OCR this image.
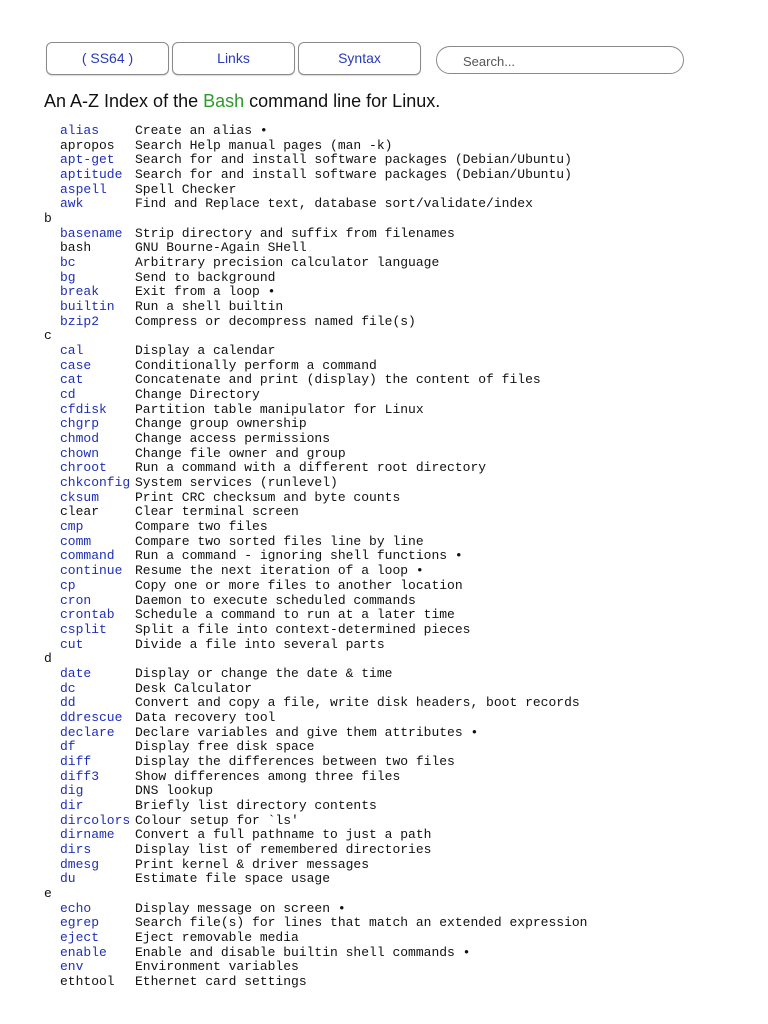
( SS64 )	Links	Syntax
Search...
An A-Z Index of the Bash command line for Linux.
alias	Create an alias •
apropos Search Help manual pages (man -k)
apt-get Search for and install software packages (Debian/Ubuntu)
aptitude Search for and install software packages (Debian/Ubuntu)
aspell Spell Checker
awk	Find and Replace text, database sort/validate/index
b
basename Strip directory and suffix from filenames
bash	GNU Bourne-Again SHell
bc	Arbitrary precision calculator language
bg	Send to background
break	Exit from a loop •
builtin Run a shell builtin
bzip2	Compress or decompress named file(s)
c
cal	Display a calendar
case	Conditionally perform a command
cat	Concatenate and print (display) the content of files
cd	Change Directory
cfdisk Partition table manipulator for Linux
chgrp	Change group ownership
chmod	Change access permissions
chown	Change file owner and group
chroot Run a command with a different root directory
chkconfig System services (runlevel)
cksum	Print CRC checksum and byte counts
clear	Clear terminal screen
cmp	Compare two files
comm	Compare two sorted files line by line
command Run a command - ignoring shell functions •
continue Resume the next iteration of a loop •
cp	Copy one or more files to another location
cron	Daemon to execute scheduled commands
crontab Schedule a command to run at a later time
csplit Split a file into context-determined pieces
cut	Divide a file into several parts
d
date	Display or change the date & time
dc	Desk Calculator
dd	Convert and copy a file, write disk headers, boot records
ddrescue Data recovery tool
declare Declare variables and give them attributes •
df	Display free disk space
diff	Display the differences between two files
diff3	Show differences among three files
dig	DNS lookup
dir	Briefly list directory contents
dircolors Colour setup for `ls'
dirname Convert a full pathname to just a path
dirs	Display list of remembered directories
dmesg	Print kernel & driver messages
du	Estimate file space usage
e
echo	Display message on screen •
egrep	Search file(s) for lines that match an extended expression
eject	Eject removable media
enable Enable and disable builtin shell commands •
env	Environment variables
ethtool Ethernet card settings
